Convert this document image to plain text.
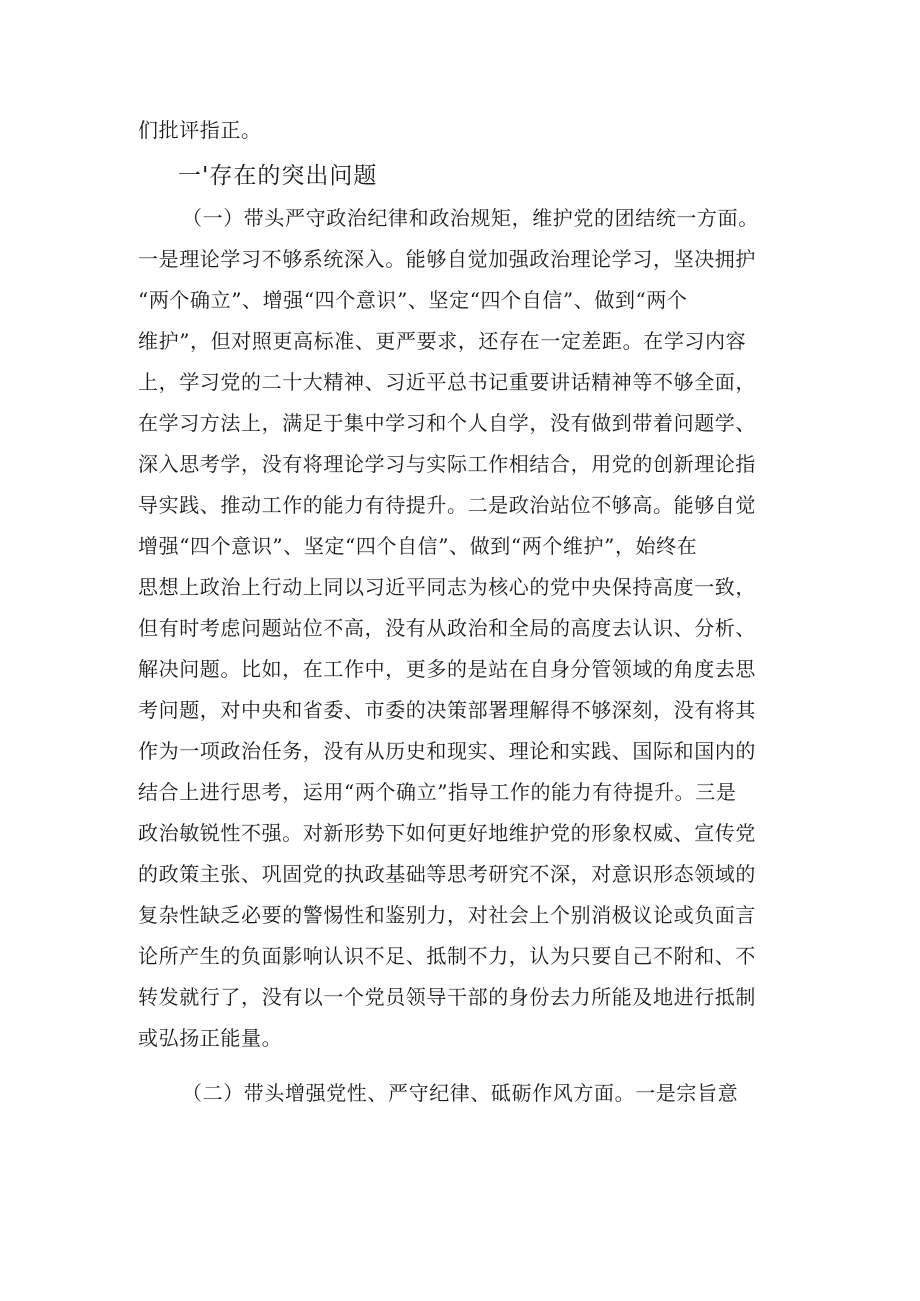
们批评指正。
一'存在的突出问题
（一）带头严守政治纪律和政治规矩，维护党的团结统一方面。
一是理论学习不够系统深入。能够自觉加强政治理论学习，坚决拥护
“两个确立”、增强“四个意识”、坚定“四个自信”、做到“两个
维护”，但对照更高标准、更严要求，还存在一定差距。在学习内容
上，学习党的二十大精神、习近平总书记重要讲话精神等不够全面，
在学习方法上，满足于集中学习和个人自学，没有做到带着问题学、
深入思考学，没有将理论学习与实际工作相结合，用党的创新理论指
导实践、推动工作的能力有待提升。二是政治站位不够高。能够自觉
增强“四个意识”、坚定“四个自信”、做到“两个维护”，始终在
思想上政治上行动上同以习近平同志为核心的党中央保持高度一致，
但有时考虑问题站位不高，没有从政治和全局的高度去认识、分析、
解决问题。比如，在工作中，更多的是站在自身分管领域的角度去思
考问题，对中央和省委、市委的决策部署理解得不够深刻，没有将其
作为一项政治任务，没有从历史和现实、理论和实践、国际和国内的
结合上进行思考，运用“两个确立”指导工作的能力有待提升。三是
政治敏锐性不强。对新形势下如何更好地维护党的形象权威、宣传党
的政策主张、巩固党的执政基础等思考研究不深，对意识形态领域的
复杂性缺乏必要的警惕性和鉴别力，对社会上个别消极议论或负面言
论所产生的负面影响认识不足、抵制不力，认为只要自己不附和、不
转发就行了，没有以一个党员领导干部的身份去力所能及地进行抵制
或弘扬正能量。
（二）带头增强党性、严守纪律、砥砺作风方面。一是宗旨意
